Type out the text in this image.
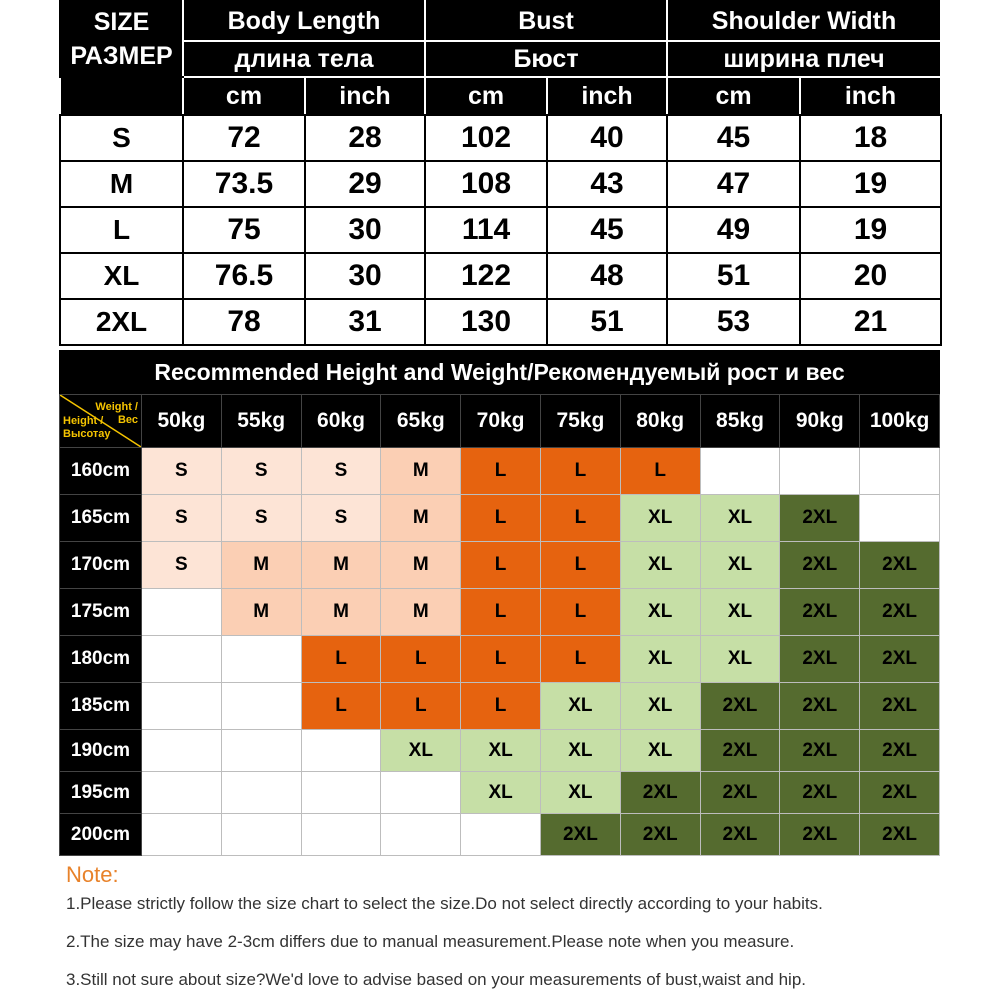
SIZE
РАЗМЕР	Body Length		Bust		Shoulder Width	
	длина тела		Бюст		ширина плеч	
	cm	inch	cm	inch	cm	inch
S	72	28	102	40	45	18
M	73.5	29	108	43	47	19
L	75	30	114	45	49	19
XL	76.5	30	122	48	51	20
2XL	78	31	130	51	53	21
Recommended Height and Weight/Рекомендуемый рост и вес
Weight /
Вес
Height /
Высотау	50kg	55kg	60kg	65kg	70kg	75kg	80kg	85kg	90kg	100kg
160cm	S	S	S	M	L	L	L			
165cm	S	S	S	M	L	L	XL	XL	2XL	
170cm	S	M	M	M	L	L	XL	XL	2XL	2XL
175cm		M	M	M	L	L	XL	XL	2XL	2XL
180cm			L	L	L	L	XL	XL	2XL	2XL
185cm			L	L	L	XL	XL	2XL	2XL	2XL
190cm				XL	XL	XL	XL	2XL	2XL	2XL
195cm					XL	XL	2XL	2XL	2XL	2XL
200cm						2XL	2XL	2XL	2XL	2XL
Note:

1.Please strictly follow the size chart to select the size.Do not select directly according to your habits.

2.The size may have 2-3cm differs due to manual measurement.Please note when you measure.

3.Still not sure about size?We'd love to advise based on your measurements of bust,waist and hip.
